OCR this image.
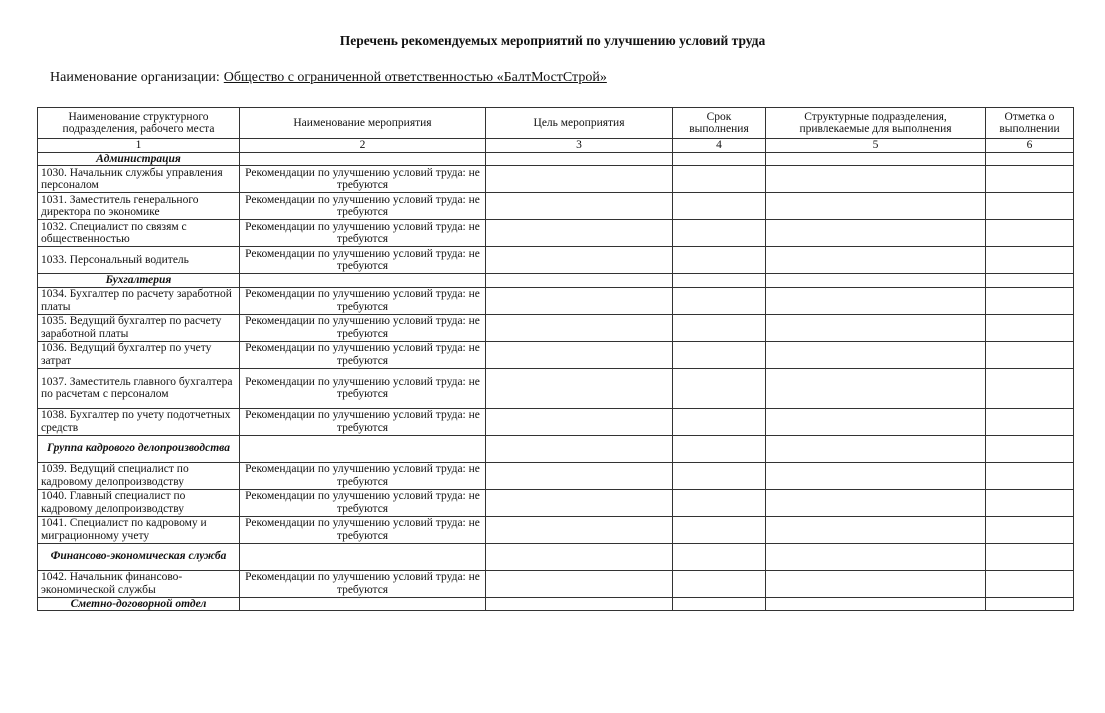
Перечень рекомендуемых мероприятий по улучшению условий труда
Наименование организации: Общество с ограниченной ответственностью «БалтМостСтрой»
Наименование структурного подразделения, рабочего места	Наименование мероприятия	Цель мероприятия	Срок выполнения	Структурные подразделения, привлекаемые для выполнения	Отметка о выполнении
1	2	3	4	5	6
Администрация					
1030. Начальник службы управления персоналом	Рекомендации по улучшению условий труда: не требуются				
1031. Заместитель генерального директора по экономике	Рекомендации по улучшению условий труда: не требуются				
1032. Специалист по связям с общественностью	Рекомендации по улучшению условий труда: не требуются				
1033. Персональный водитель	Рекомендации по улучшению условий труда: не требуются				
Бухгалтерия					
1034. Бухгалтер по расчету заработной платы	Рекомендации по улучшению условий труда: не требуются				
1035. Ведущий бухгалтер по расчету заработной платы	Рекомендации по улучшению условий труда: не требуются				
1036. Ведущий бухгалтер по учету затрат	Рекомендации по улучшению условий труда: не требуются				
1037. Заместитель главного бухгалтера по расчетам с персоналом	Рекомендации по улучшению условий труда: не требуются				
1038. Бухгалтер по учету подотчетных средств	Рекомендации по улучшению условий труда: не требуются				
Группа кадрового делопроизводства					
1039. Ведущий специалист по кадровому делопроизводству	Рекомендации по улучшению условий труда: не требуются				
1040. Главный специалист по кадровому делопроизводству	Рекомендации по улучшению условий труда: не требуются				
1041. Специалист по кадровому и миграционному учету	Рекомендации по улучшению условий труда: не требуются				
Финансово-экономическая служба					
1042. Начальник финансово-экономической службы	Рекомендации по улучшению условий труда: не требуются				
Сметно-договорной отдел					
